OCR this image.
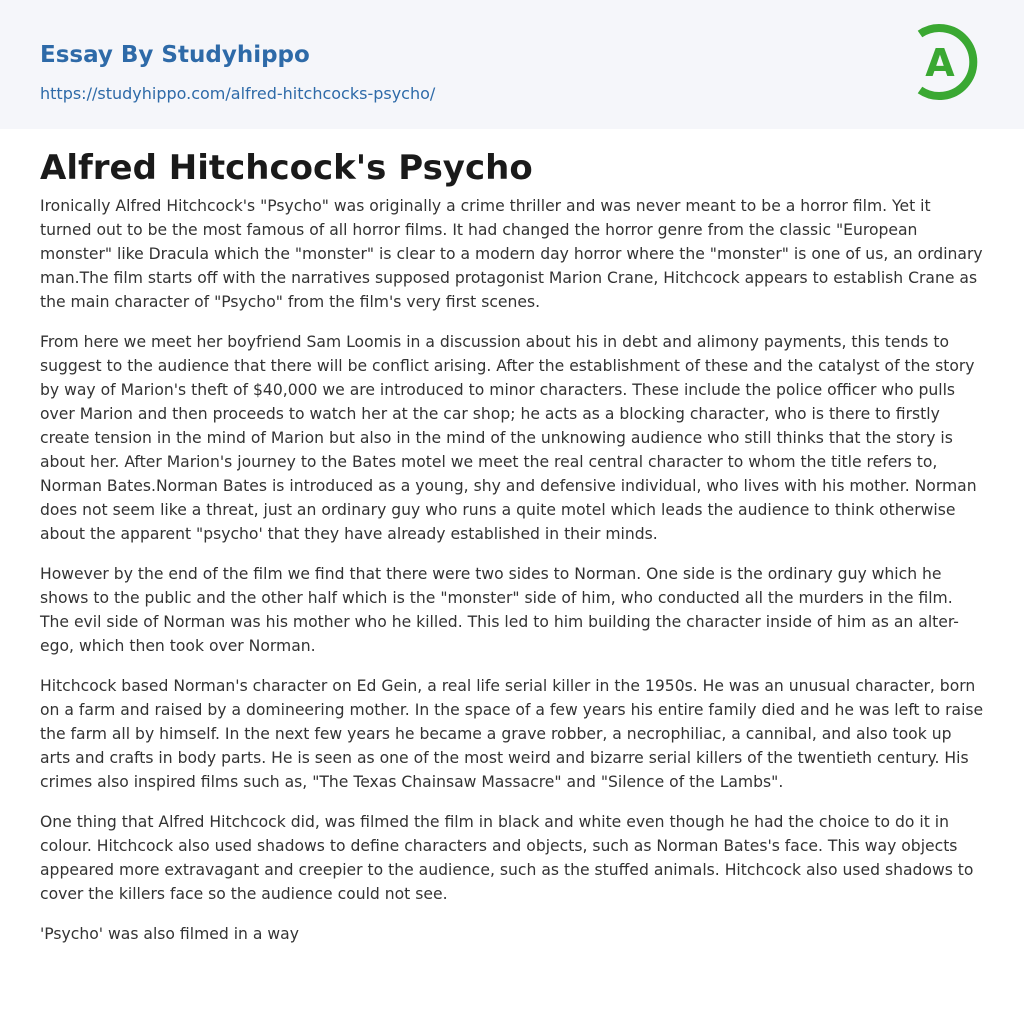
Essay By Studyhippo
https://studyhippo.com/alfred-hitchcocks-psycho/
A
Alfred Hitchcock's Psycho

Ironically Alfred Hitchcock's "Psycho" was originally a crime thriller and was never meant to be a horror film. Yet it turned out to be the most famous of all horror films. It had changed the horror genre from the classic "European monster" like Dracula which the "monster" is clear to a modern day horror where the "monster" is one of us, an ordinary man.The film starts off with the narratives supposed protagonist Marion Crane, Hitchcock appears to establish Crane as the main character of "Psycho" from the film's very first scenes.

From here we meet her boyfriend Sam Loomis in a discussion about his in debt and alimony payments, this tends to suggest to the audience that there will be conflict arising. After the establishment of these and the catalyst of the story by way of Marion's theft of $40,000 we are introduced to minor characters. These include the police officer who pulls over Marion and then proceeds to watch her at the car shop; he acts as a blocking character, who is there to firstly create tension in the mind of Marion but also in the mind of the unknowing audience who still thinks that the story is about her. After Marion's journey to the Bates motel we meet the real central character to whom the title refers to, Norman Bates.Norman Bates is introduced as a young, shy and defensive individual, who lives with his mother. Norman does not seem like a threat, just an ordinary guy who runs a quite motel which leads the audience to think otherwise about the apparent "psycho' that they have already established in their minds.

However by the end of the film we find that there were two sides to Norman. One side is the ordinary guy which he shows to the public and the other half which is the "monster" side of him, who conducted all the murders in the film. The evil side of Norman was his mother who he killed. This led to him building the character inside of him as an alter-ego, which then took over Norman.

Hitchcock based Norman's character on Ed Gein, a real life serial killer in the 1950s. He was an unusual character, born on a farm and raised by a domineering mother. In the space of a few years his entire family died and he was left to raise the farm all by himself. In the next few years he became a grave robber, a necrophiliac, a cannibal, and also took up arts and crafts in body parts. He is seen as one of the most weird and bizarre serial killers of the twentieth century. His crimes also inspired films such as, "The Texas Chainsaw Massacre" and "Silence of the Lambs".

One thing that Alfred Hitchcock did, was filmed the film in black and white even though he had the choice to do it in colour. Hitchcock also used shadows to define characters and objects, such as Norman Bates's face. This way objects appeared more extravagant and creepier to the audience, such as the stuffed animals. Hitchcock also used shadows to cover the killers face so the audience could not see.

'Psycho' was also filmed in a way
